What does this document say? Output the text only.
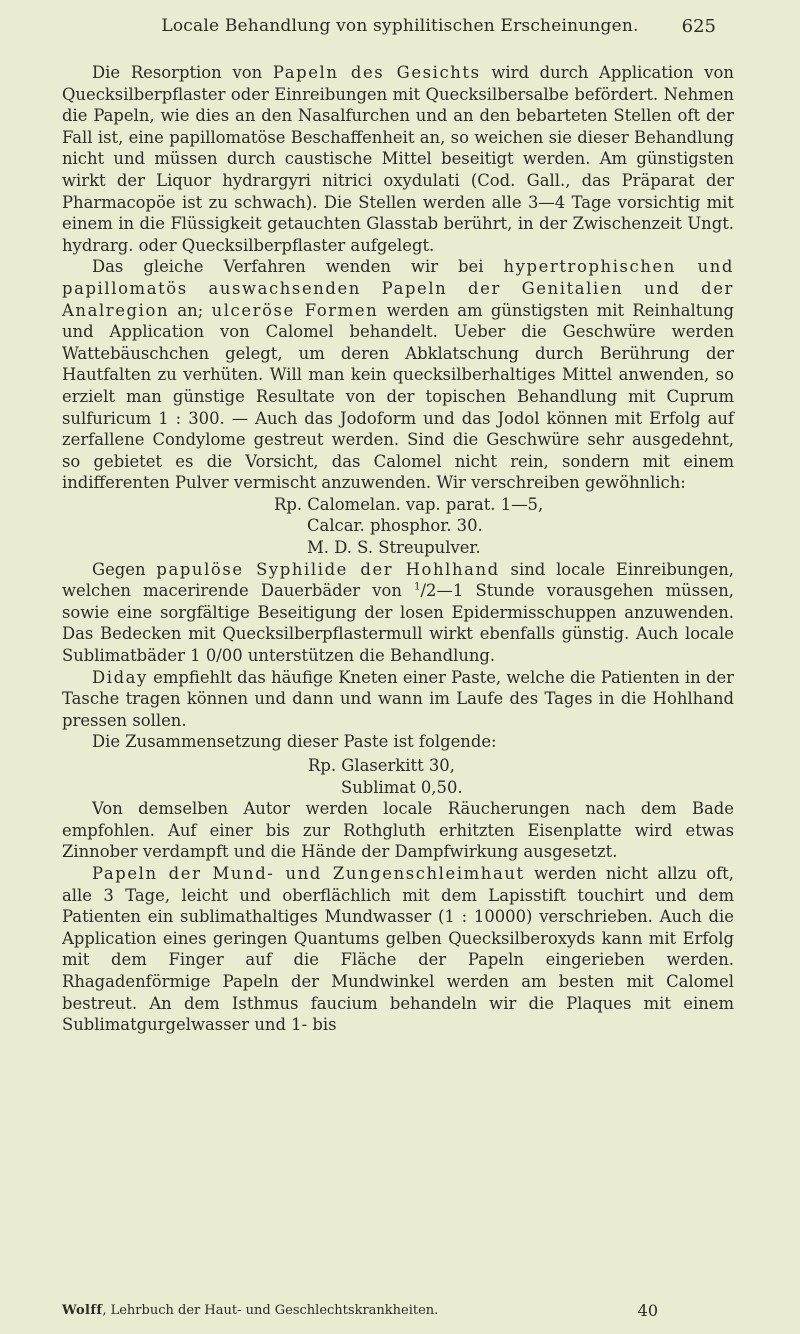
Locale Behandlung von syphilitischen Erscheinungen.	625

Die Resorption von Papeln des Gesichts wird durch Application von Quecksilberpflaster oder Einreibungen mit Quecksilbersalbe befördert. Nehmen die Papeln, wie dies an den Nasalfurchen und an den bebarteten Stellen oft der Fall ist, eine papillomatöse Beschaffenheit an, so weichen sie dieser Behandlung nicht und müssen durch caustische Mittel beseitigt werden. Am günstigsten wirkt der Liquor hydrargyri nitrici oxydulati (Cod. Gall., das Präparat der Pharmacopöe ist zu schwach). Die Stellen werden alle 3—4 Tage vorsichtig mit einem in die Flüssigkeit getauchten Glasstab berührt, in der Zwischenzeit Ungt. hydrarg. oder Quecksilberpflaster aufgelegt.

Das gleiche Verfahren wenden wir bei hypertrophischen und papillomatös auswachsenden Papeln der Genitalien und der Analregion an; ulceröse Formen werden am günstigsten mit Reinhaltung und Application von Calomel behandelt. Ueber die Geschwüre werden Wattebäuschchen gelegt, um deren Abklatschung durch Berührung der Hautfalten zu verhüten. Will man kein quecksilberhaltiges Mittel anwenden, so erzielt man günstige Resultate von der topischen Behandlung mit Cuprum sulfuricum 1 : 300. — Auch das Jodoform und das Jodol können mit Erfolg auf zerfallene Condylome gestreut werden. Sind die Geschwüre sehr ausgedehnt, so gebietet es die Vorsicht, das Calomel nicht rein, sondern mit einem indifferenten Pulver vermischt anzuwenden. Wir verschreiben gewöhnlich:

Rp. Calomelan. vap. parat. 1—5,
Calcar. phosphor. 30.
M. D. S. Streupulver.

Gegen papulöse Syphilide der Hohlhand sind locale Einreibungen, welchen macerirende Dauerbäder von $^1$/2—1 Stunde vorausgehen müssen, sowie eine sorgfältige Beseitigung der losen Epidermisschuppen anzuwenden. Das Bedecken mit Quecksilberpflastermull wirkt ebenfalls günstig. Auch locale Sublimatbäder 1 0/00 unterstützen die Behandlung.

Diday empfiehlt das häufige Kneten einer Paste, welche die Patienten in der Tasche tragen können und dann und wann im Laufe des Tages in die Hohlhand pressen sollen.

Die Zusammensetzung dieser Paste ist folgende:

Rp. Glaserkitt 30,
Sublimat 0,50.

Von demselben Autor werden locale Räucherungen nach dem Bade empfohlen. Auf einer bis zur Rothgluth erhitzten Eisenplatte wird etwas Zinnober verdampft und die Hände der Dampfwirkung ausgesetzt.

Papeln der Mund- und Zungenschleimhaut werden nicht allzu oft, alle 3 Tage, leicht und oberflächlich mit dem Lapisstift touchirt und dem Patienten ein sublimathaltiges Mundwasser (1 : 10000) verschrieben. Auch die Application eines geringen Quantums gelben Quecksilberoxyds kann mit Erfolg mit dem Finger auf die Fläche der Papeln eingerieben werden. Rhagadenförmige Papeln der Mundwinkel werden am besten mit Calomel bestreut. An dem Isthmus faucium behandeln wir die Plaques mit einem Sublimatgurgelwasser und 1- bis

Wolff, Lehrbuch der Haut- und Geschlechtskrankheiten.	40
